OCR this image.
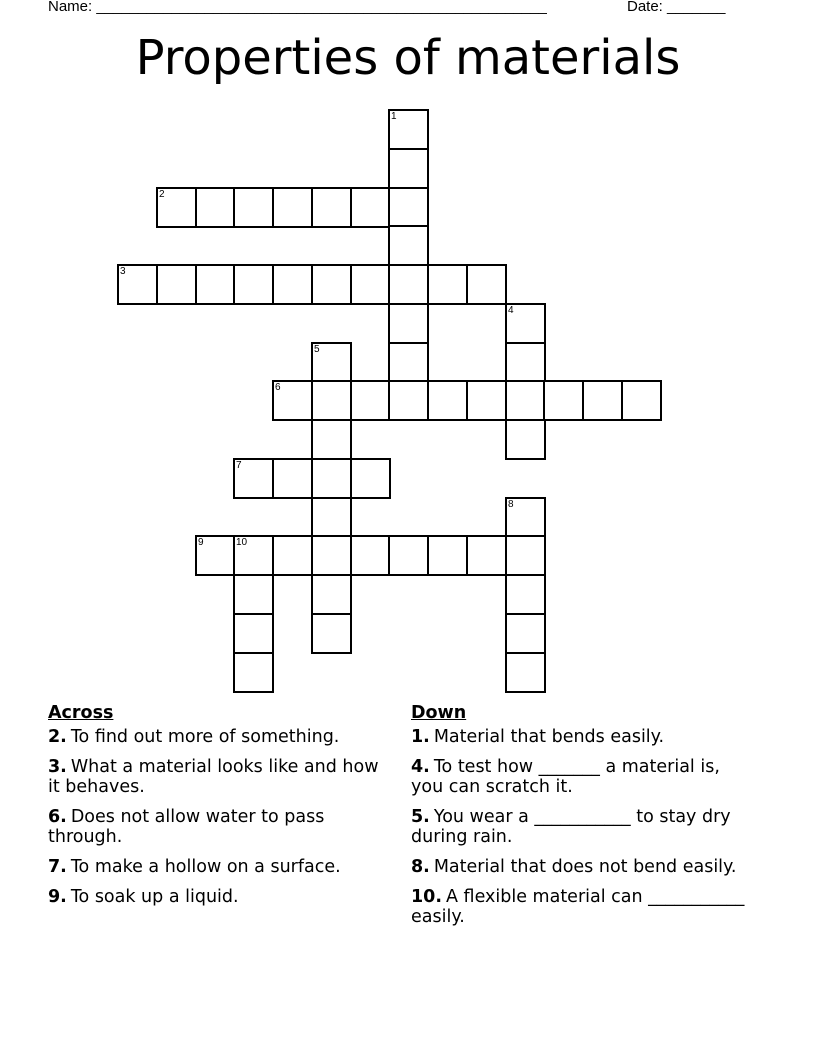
Name: ______________________________________________________	Date: _______
Properties of materials
1
2
3
4
5
6
7
8
9	10
Across
2. To find out more of something.
3. What a material looks like and how it behaves.
6. Does not allow water to pass through.
7. To make a hollow on a surface.
9. To soak up a liquid.
Down
1. Material that bends easily.
4. To test how _______ a material is, you can scratch it.
5. You wear a ___________ to stay dry during rain.
8. Material that does not bend easily.
10. A flexible material can ___________ easily.
